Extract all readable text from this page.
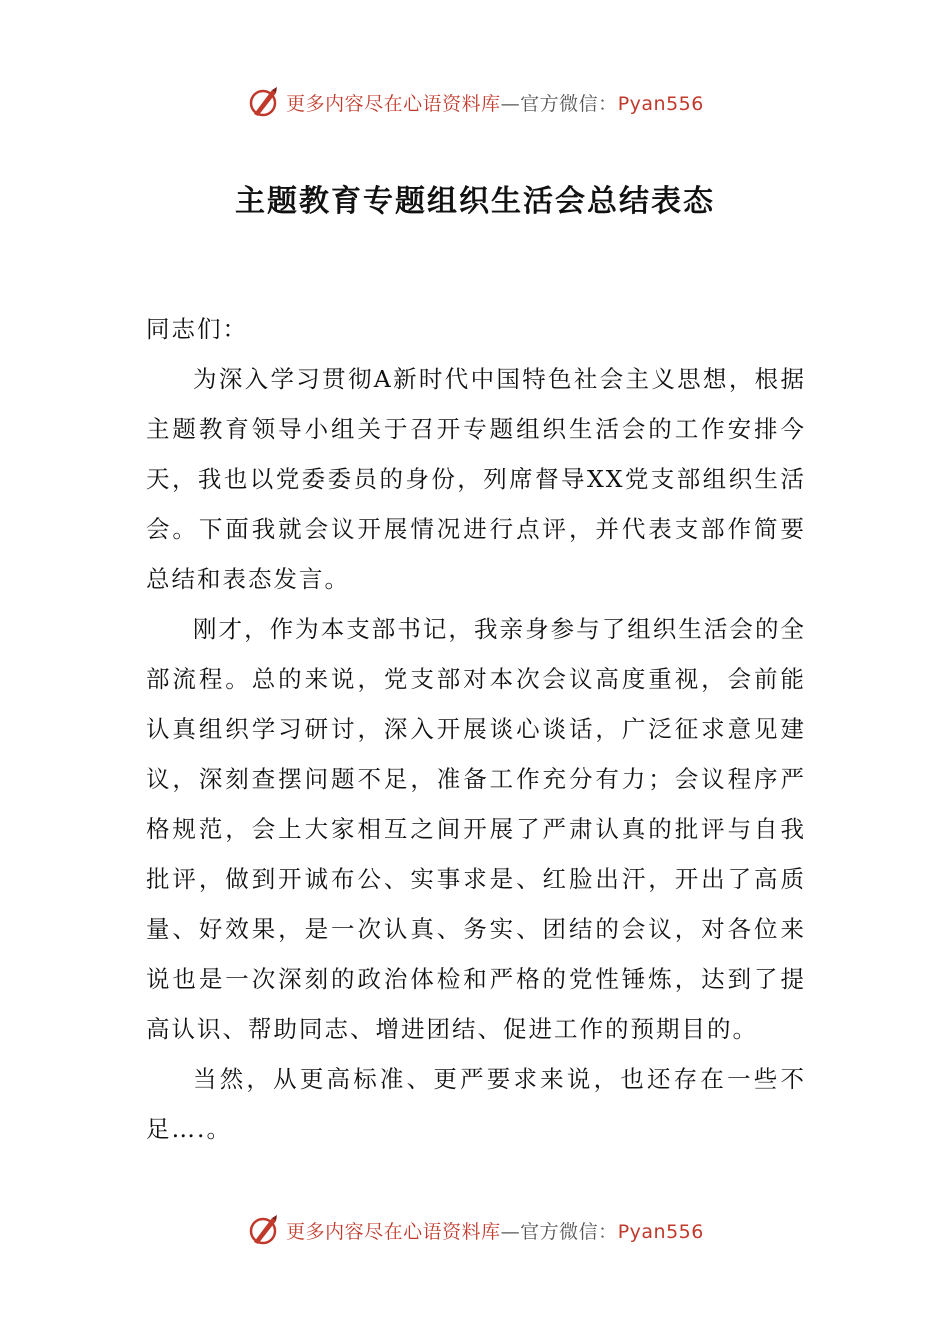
更多内容尽在心语资料库—官方微信：Pyan556
主题教育专题组织生活会总结表态

同志们：

为深入学习贯彻A新时代中国特色社会主义思想，根据主题教育领导小组关于召开专题组织生活会的工作安排今天，我也以党委委员的身份，列席督导XX党支部组织生活会。下面我就会议开展情况进行点评，并代表支部作简要总结和表态发言。

刚才，作为本支部书记，我亲身参与了组织生活会的全部流程。总的来说，党支部对本次会议高度重视，会前能认真组织学习研讨，深入开展谈心谈话，广泛征求意见建议，深刻查摆问题不足，准备工作充分有力；会议程序严格规范，会上大家相互之间开展了严肃认真的批评与自我批评，做到开诚布公、实事求是、红脸出汗，开出了高质量、好效果，是一次认真、务实、团结的会议，对各位来说也是一次深刻的政治体检和严格的党性锤炼，达到了提高认识、帮助同志、增进团结、促进工作的预期目的。

当然，从更高标准、更严要求来说，也还存在一些不足….。

更多内容尽在心语资料库—官方微信：Pyan556
